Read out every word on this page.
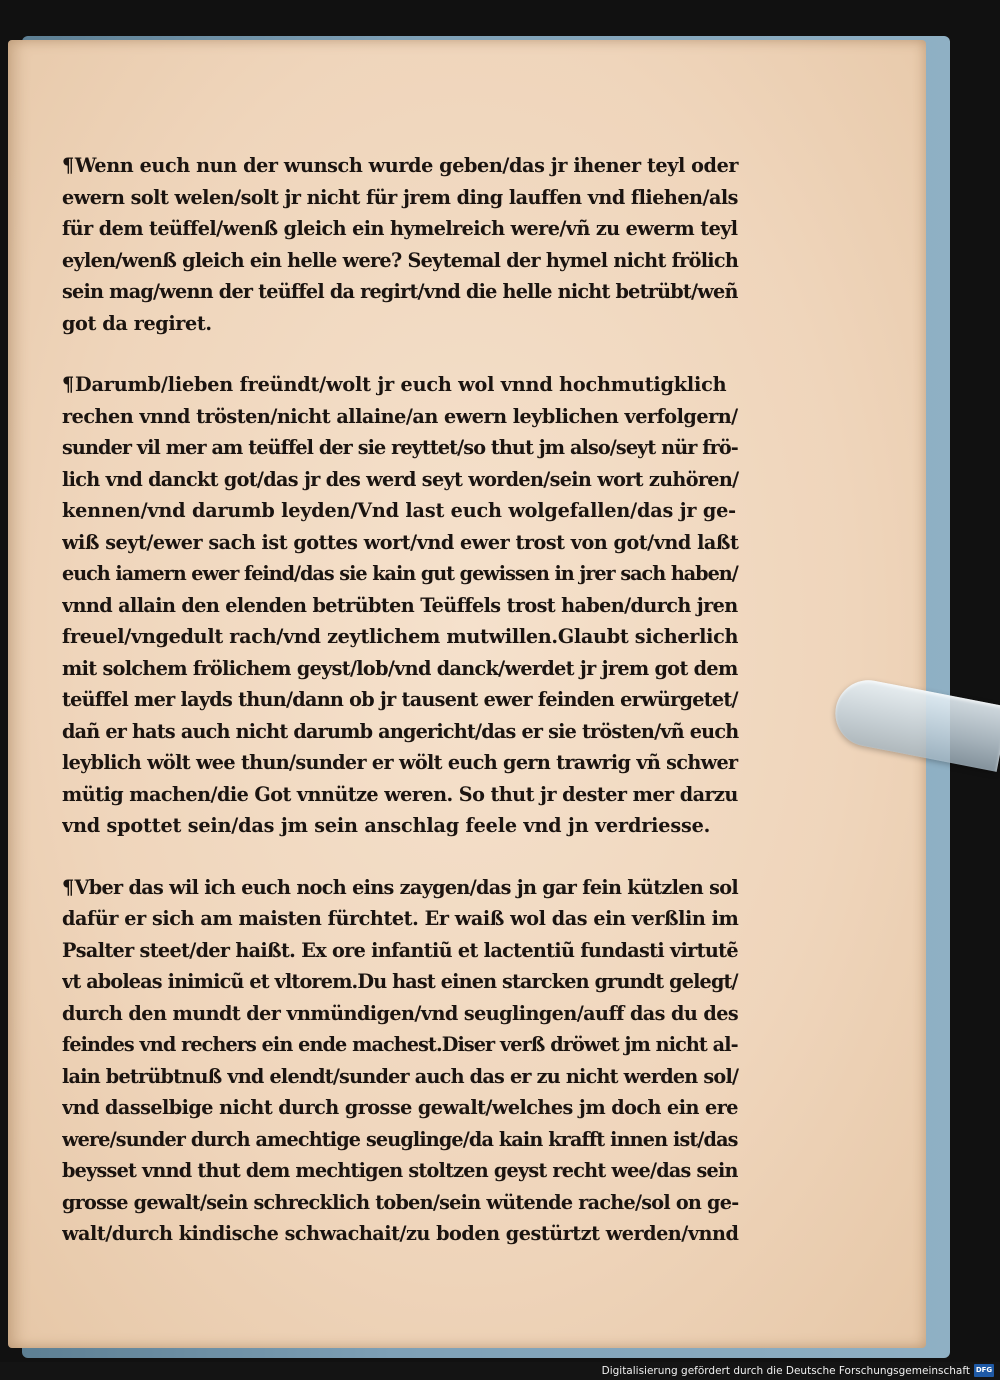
¶Wenn euch nun der wunsch wurde geben/das jr ihener teyl oder
ewern solt welen/solt jr nicht für jrem ding lauffen vnd fliehen/als
für dem teüffel/wenß gleich ein hymelreich were/vñ zu ewerm teyl
eylen/wenß gleich ein helle were? Seytemal der hymel nicht frölich
sein mag/wenn der teüffel da regirt/vnd die helle nicht betrübt/weñ
got da regiret.
¶Darumb/lieben freündt/wolt jr euch wol vnnd hochmutigklich
rechen vnnd trösten/nicht allaine/an ewern leyblichen verfolgern/
sunder vil mer am teüffel der sie reyttet/so thut jm also/seyt nür frö-
lich vnd danckt got/das jr des werd seyt worden/sein wort zuhören/
kennen/vnd darumb leyden/Vnd last euch wolgefallen/das jr ge-
wiß seyt/ewer sach ist gottes wort/vnd ewer trost von got/vnd laßt
euch iamern ewer feind/das sie kain gut gewissen in jrer sach haben/
vnnd allain den elenden betrübten Teüffels trost haben/durch jren
freuel/vngedult rach/vnd zeytlichem mutwillen.Glaubt sicherlich
mit solchem frölichem geyst/lob/vnd danck/werdet jr jrem got dem
teüffel mer layds thun/dann ob jr tausent ewer feinden erwürgetet/
dañ er hats auch nicht darumb angericht/das er sie trösten/vñ euch
leyblich wölt wee thun/sunder er wölt euch gern trawrig vñ schwer
mütig machen/die Got vnnütze weren. So thut jr dester mer darzu
vnd spottet sein/das jm sein anschlag feele vnd jn verdriesse.
¶Vber das wil ich euch noch eins zaygen/das jn gar fein kützlen sol
dafür er sich am maisten fürchtet. Er waiß wol das ein verßlin im
Psalter steet/der haißt. Ex ore infantiũ et lactentiũ fundasti virtutẽ
vt aboleas inimicũ et vltorem.Du hast einen starcken grundt gelegt/
durch den mundt der vnmündigen/vnd seuglingen/auff das du des
feindes vnd rechers ein ende machest.Diser verß dröwet jm nicht al-
lain betrübtnuß vnd elendt/sunder auch das er zu nicht werden sol/
vnd dasselbige nicht durch grosse gewalt/welches jm doch ein ere
were/sunder durch amechtige seuglinge/da kain krafft innen ist/das
beysset vnnd thut dem mechtigen stoltzen geyst recht wee/das sein
grosse gewalt/sein schrecklich toben/sein wütende rache/sol on ge-
walt/durch kindische schwachait/zu boden gestürtzt werden/vnnd
Digitalisierung gefördert durch die Deutsche Forschungsgemeinschaft DFG
